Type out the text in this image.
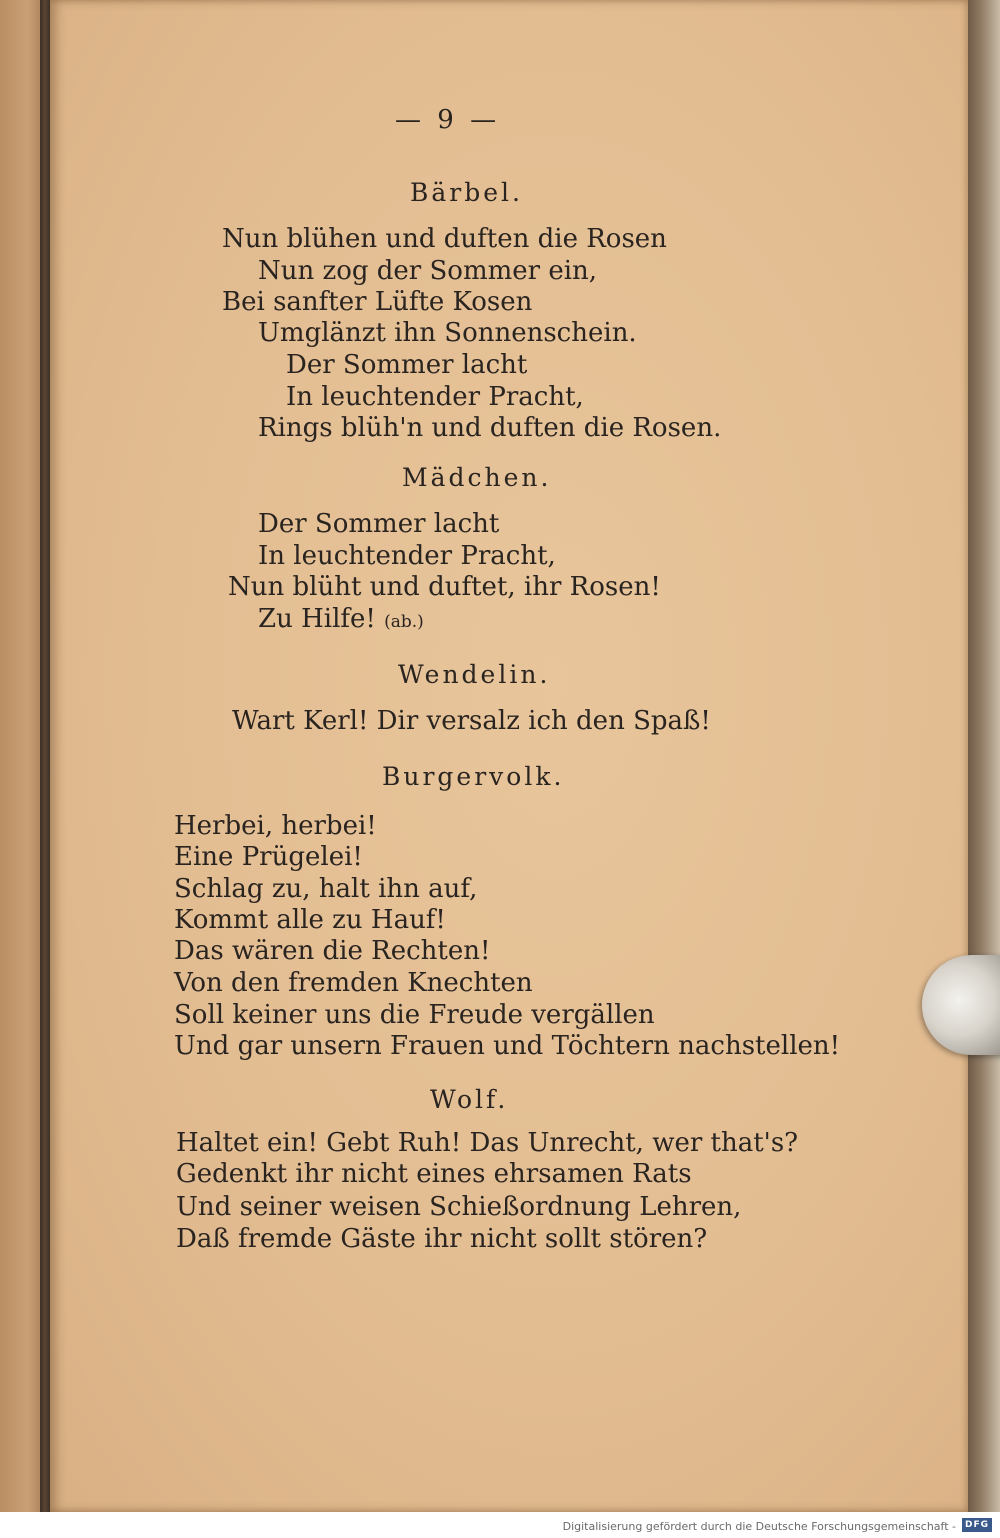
— 9 —
Bärbel.
Nun blühen und duften die Rosen
Nun zog der Sommer ein,
Bei sanfter Lüfte Kosen
Umglänzt ihn Sonnenschein.
Der Sommer lacht
In leuchtender Pracht,
Rings blüh'n und duften die Rosen.
Mädchen.
Der Sommer lacht
In leuchtender Pracht,
Nun blüht und duftet, ihr Rosen!
Zu Hilfe! (ab.)
Wendelin.
Wart Kerl! Dir versalz ich den Spaß!
Burgervolk.
Herbei, herbei!
Eine Prügelei!
Schlag zu, halt ihn auf,
Kommt alle zu Hauf!
Das wären die Rechten!
Von den fremden Knechten
Soll keiner uns die Freude vergällen
Und gar unsern Frauen und Töchtern nachstellen!
Wolf.
Haltet ein! Gebt Ruh! Das Unrecht, wer that's?
Gedenkt ihr nicht eines ehrsamen Rats
Und seiner weisen Schießordnung Lehren,
Daß fremde Gäste ihr nicht sollt stören?
Digitalisierung gefördert durch die Deutsche Forschungsgemeinschaft - DFG
